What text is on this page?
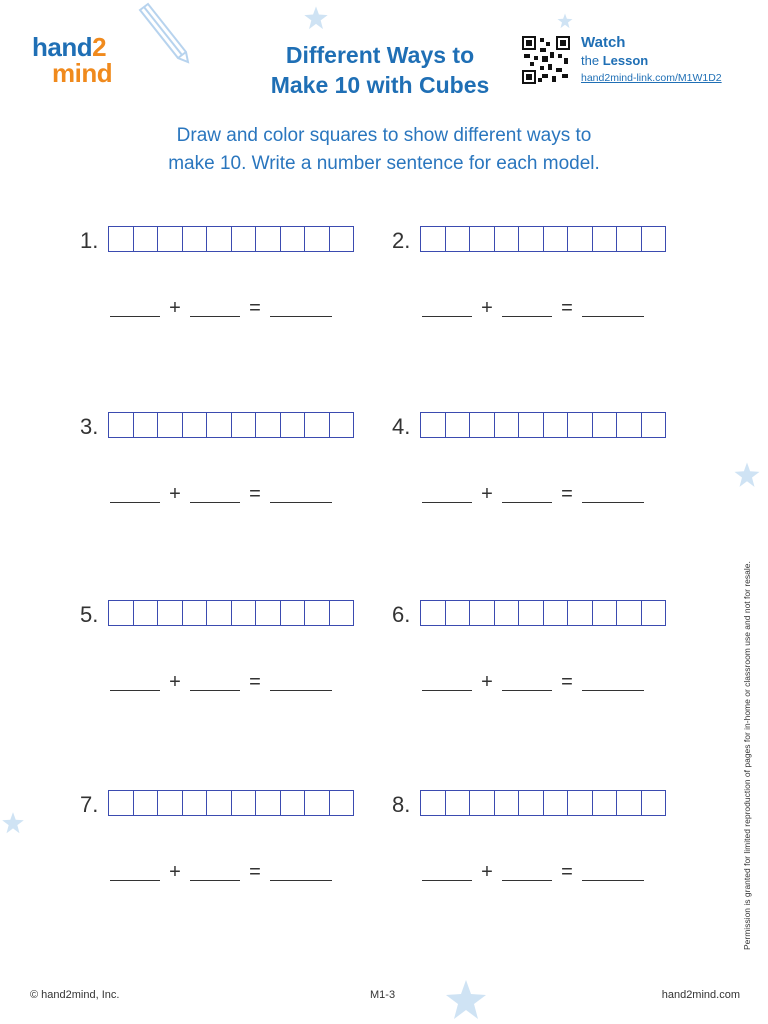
hand2
mind
Different Ways to
Make 10 with Cubes
Watch
the Lesson
hand2mind-link.com/M1W1D2
Draw and color squares to show different ways to
make 10. Write a number sentence for each model.
1.
+	=
2.
+	=
3.
+	=
4.
+	=
5.
+	=
6.
+	=
7.
+	=
8.
+	=
© hand2mind, Inc.	M1-3	hand2mind.com
Permission is granted for limited reproduction of pages for in-home or classroom use and not for resale.
